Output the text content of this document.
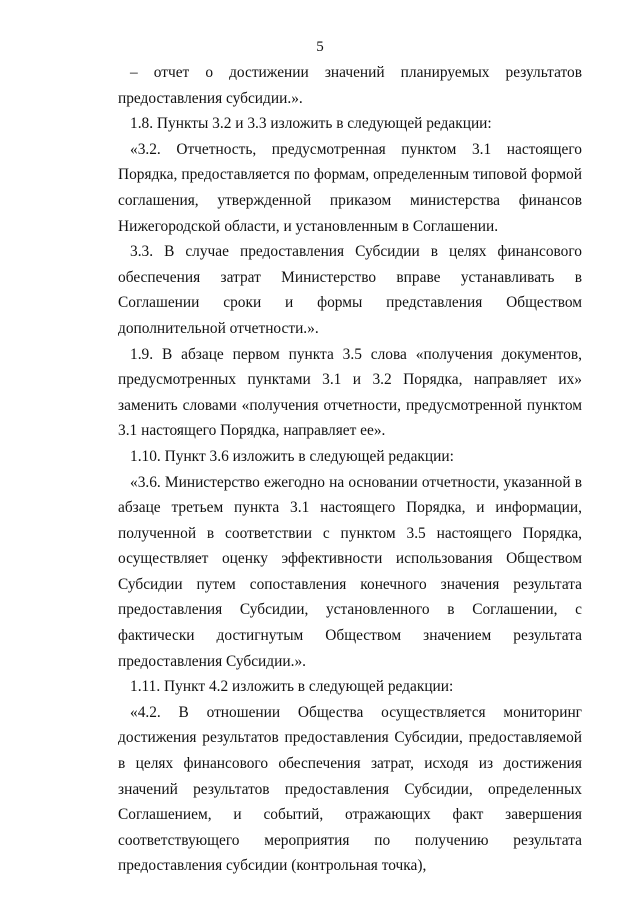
5

– отчет о достижении значений планируемых результатов предоставления субсидии.».

1.8. Пункты 3.2 и 3.3 изложить в следующей редакции:

«3.2. Отчетность, предусмотренная пунктом 3.1 настоящего Порядка, предоставляется по формам, определенным типовой формой соглашения, утвержденной приказом министерства финансов Нижегородской области, и установленным в Соглашении.

3.3. В случае предоставления Субсидии в целях финансового обеспечения затрат Министерство вправе устанавливать в Соглашении сроки и формы представления Обществом дополнительной отчетности.».

1.9. В абзаце первом пункта 3.5 слова «получения документов, предусмотренных пунктами 3.1 и 3.2 Порядка, направляет их» заменить словами «получения отчетности, предусмотренной пунктом 3.1 настоящего Порядка, направляет ее».

1.10. Пункт 3.6 изложить в следующей редакции:

«3.6. Министерство ежегодно на основании отчетности, указанной в абзаце третьем пункта 3.1 настоящего Порядка, и информации, полученной в соответствии с пунктом 3.5 настоящего Порядка, осуществляет оценку эффективности использования Обществом Субсидии путем сопоставления конечного значения результата предоставления Субсидии, установленного в Соглашении, с фактически достигнутым Обществом значением результата предоставления Субсидии.».

1.11. Пункт 4.2 изложить в следующей редакции:

«4.2. В отношении Общества осуществляется мониторинг достижения результатов предоставления Субсидии, предоставляемой в целях финансового обеспечения затрат, исходя из достижения значений результатов предоставления Субсидии, определенных Соглашением, и событий, отражающих факт завершения соответствующего мероприятия по получению результата предоставления субсидии (контрольная точка),
